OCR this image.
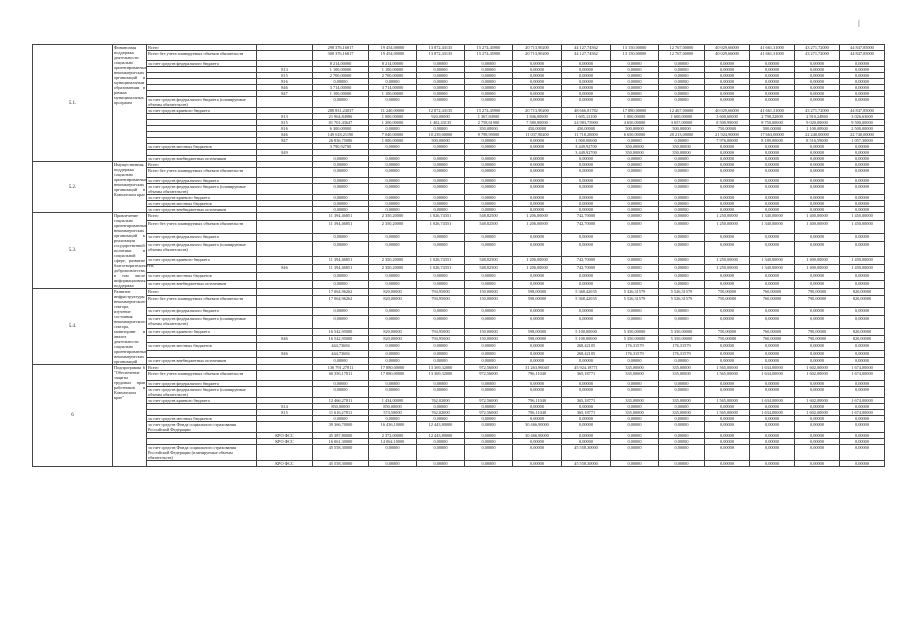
ĺ
5.1.	Финансовая поддержка деятельности социально ориентированных некоммерческих организаций и муниципальным образованиям в рамках муниципальных программ	Всего		298 376,16817	19 454,00000	13 872,43135	15 274,45900	20 713,90200	44 127,74562	13 150,00000	12 767,00000	40 029,66000	41 661,31000	43 271,72000	44 847,85000
		Всего без учета планируемых объемов обязательств		308 376,16817	19 454,00000	13 872,43135	15 274,45900	20 713,90200	44 127,74562	13 150,00000	12 767,00000	40 029,66000	41 661,31000	43 271,72000	44 847,85000
		за счет средств федерального бюджета		8 214,00000	8 214,00000	0,00000	0,00000	0,00000	0,00000	0,00000	0,00000	0,00000	0,00000	0,00000	0,00000
			813	1 100,00000	1 100,00000	0,00000	0,00000	0,00000	0,00000	0,00000	0,00000	0,00000	0,00000	0,00000	0,00000
			815	2 700,00000	2 700,00000	0,00000	0,00000	0,00000	0,00000	0,00000	0,00000	0,00000	0,00000	0,00000	0,00000
			816	0,00000	0,00000	0,00000	0,00000	0,00000	0,00000	0,00000	0,00000	0,00000	0,00000	0,00000	0,00000
			846	3 714,00000	3 714,00000	0,00000	0,00000	0,00000	0,00000	0,00000	0,00000	0,00000	0,00000	0,00000	0,00000
			847	1 100,00000	1 100,00000	0,00000	0,00000	0,00000	0,00000	0,00000	0,00000	0,00000	0,00000	0,00000	0,00000
		за счет средств федерального бюджета (планируемые объемы обязательств)		0,00000	0,00000	0,00000	0,00000	0,00000	0,00000	0,00000	0,00000	0,00000	0,00000	0,00000	0,00000
		за счет средств краевого бюджета		288 831,24037	11 240,00000	12 872,43135	15 274,45900	20 713,90200	48 666,81782	17 880,00000	12 467,00000	40 029,66000	41 661,31000	43 271,72000	44 847,85000
			813	21 964,84986	1 000,00000	920,00000	1 367,84900	1 846,00000	1 605,12100	1 000,00000	1 600,00000	3 600,60000	2 798,22809	2 910,24860	3 026,63000
			815	81 701,43647	1 200,00000	1 402,43135	2 758,61900	7 580,90000	24 983,75900	4 650,00000	3 657,00000	8 500,99000	8 750,00000	9 020,00000	9 500,00000
			816	6 300,00000	0,00000	0,00000	350,00000	450,00000	450,00000	500,00000	500,00000	750,00000	500,00000	1 100,00000	2 500,00000
			846	149 618,21190	7 040,00000	10 239,00000	9 798,99000	11 037,90200	11 718,20000	6 650,00000	20 213,00000	21 924,90000	17 663,00000	22 240,00000	22 740,00000
			847	26 836,75086	1 000,00000	500,00000	0,00000	0,00000	1 900,00000	0,00000	0,00000	7 976,00000	8 189,00000	8 516,59000	1 057,30000
		за счет средств местных бюджетов		3 790,92700	0,00000	0,00000	0,00000	0,00000	3 449,92700	350,00000	350,00000	0,00000	0,00000	0,00000	0,00000
			849						3 449,92700	350,00000	350,00000	0,00000	0,00000	0,00000	0,00000
		за счет средств внебюджетных источников		0,00000	0,00000	0,00000	0,00000	0,00000	0,00000	0,00000	0,00000	0,00000	0,00000	0,00000	0,00000
5.2.	Имущественная поддержка социально ориентированных некоммерческих организаций в Камчатском крае	Всего		0,00000	0,00000	0,00000	0,00000	0,00000	0,00000	0,00000	0,00000	0,00000	0,00000	0,00000	0,00000
		Всего без учета планируемых объемов обязательств		0,00000	0,00000	0,00000	0,00000	0,00000	0,00000	0,00000	0,00000	0,00000	0,00000	0,00000	0,00000
		за счет средств федерального бюджета		0,00000	0,00000	0,00000	0,00000	0,00000	0,00000	0,00000	0,00000	0,00000	0,00000	0,00000	0,00000
		за счет средств федерального бюджета (планируемые объемы обязательств)		0,00000	0,00000	0,00000	0,00000	0,00000	0,00000	0,00000	0,00000	0,00000	0,00000	0,00000	0,00000
		за счет средств краевого бюджета		0,00000	0,00000	0,00000	0,00000	0,00000	0,00000	0,00000	0,00000	0,00000	0,00000	0,00000	0,00000
		за счет средств местных бюджетов		0,00000	0,00000	0,00000	0,00000	0,00000	0,00000	0,00000	0,00000	0,00000	0,00000	0,00000	0,00000
		за счет средств внебюджетных источников		0,00000	0,00000	0,00000	0,00000	0,00000	0,00000	0,00000	0,00000	0,00000	0,00000	0,00000	0,00000
5.3.	Привлечение социально ориентированных некоммерческих организаций к реализации государственной политики в социальной сфере, развитие благотворительности, добровольчества, в том числе информационная поддержка	Всего		11 394,46851	2 350,20000	1 026,74351	548,82500	1 206,00000	742,70000	0,00000	0,00000	1 250,00000	1 340,00000	1 400,00000	1 450,00000
		Всего без учета планируемых объемов обязательств		11 394,46851	2 350,20000	1 026,74351	548,82500	1 206,00000	742,70000	0,00000	0,00000	1 250,00000	1 340,00000	1 400,00000	1 450,00000
		за счет средств федерального бюджета		0,00000	0,00000	0,00000	0,00000	0,00000	0,00000	0,00000	0,00000	0,00000	0,00000	0,00000	0,00000
		за счет средств федерального бюджета (планируемые объемы обязательств)		0,00000	0,00000	0,00000	0,00000	0,00000	0,00000	0,00000	0,00000	0,00000	0,00000	0,00000	0,00000
		за счет средств краевого бюджета		11 394,46851	2 350,20000	1 026,74351	548,82500	1 206,00000	742,70000	0,00000	0,00000	1 250,00000	1 340,00000	1 400,00000	1 450,00000
			846	11 394,46851	2 350,20000	1 026,74351	548,82500	1 206,00000	742,70000	0,00000	0,00000	1 250,00000	1 340,00000	1 400,00000	1 450,00000
		за счет средств местных бюджетов		0,00000	0,00000	0,00000	0,00000	0,00000	0,00000	0,00000	0,00000	0,00000	0,00000	0,00000	0,00000
		за счет средств внебюджетных источников		0,00000	0,00000	0,00000	0,00000	0,00000	0,00000	0,00000	0,00000	0,00000	0,00000	0,00000	0,00000
5.4.	Развитие инфраструктуры некоммерческого сектора, изучение состояния некоммерческого сектора, мониторинг и анализ деятельности социально ориентированных некоммерческих организаций	Всего		17 064,96262	820,00000	794,95000	150,00000	598,00000	5 368,42035	5 326,31579	5 526,31579	750,00000	760,00000	790,00000	820,00000
		Всего без учета планируемых объемов обязательств		17 064,96262	820,00000	794,95000	150,00000	598,00000	5 368,42035	5 526,31579	5 526,31579	750,00000	760,00000	790,00000	820,00000
		за счет средств федерального бюджета		0,00000	0,00000	0,00000	0,00000	0,00000	0,00000	0,00000	0,00000	0,00000	0,00000	0,00000	0,00000
		за счет средств федерального бюджета (планируемые объемы обязательств)		0,00000	0,00000	0,00000	0,00000	0,00000	0,00000	0,00000	0,00000	0,00000	0,00000	0,00000	0,00000
		за счет средств краевого бюджета		16 542,95000	820,00000	794,95000	150,00000	598,00000	5 100,00000	5 350,00000	5 350,00000	750,00000	760,00000	790,00000	820,00000
			846	16 542,95000	820,00000	794,95000	150,00000	598,00000	5 100,00000	5 350,00000	5 350,00000	750,00000	760,00000	790,00000	820,00000
		за счет средств местных бюджетов		444,73684	0,00000	0,00000	0,00000	0,00000	268,42105	176,31579	176,31579	0,00000	0,00000	0,00000	0,00000
			846	444,73684	0,00000	0,00000	0,00000	0,00000	268,42105	176,31579	176,31579	0,00000	0,00000	0,00000	0,00000
		за счет средств внебюджетных источников		0,00000	0,00000	0,00000	0,00000	0,00000	0,00000	0,00000	0,00000	0,00000	0,00000	0,00000	0,00000
6	Подпрограмма 6 "Обеспечение защиты трудовых прав работников в Камчатском крае"	Всего		136 791,27811	17 880,00000	13 369,32000	972,56000	31 263,96040	45 924,18771	335,00000	335,00000	1 565,00000	1 634,00000	1 602,00000	1 674,00000
		Всего без учета планируемых объемов обязательств		60 356,17811	17 880,00000	13 369,32000	972,56000	796,11040	365,18771	335,00000	335,00000	1 565,00000	1 634,00000	1 602,00000	1 674,00000
		за счет средств федерального бюджета		0,00000	0,00000	0,00000	0,00000	0,00000	0,00000	0,00000	0,00000	0,00000	0,00000	0,00000	0,00000
		за счет средств федерального бюджета (планируемые объемы обязательств)		0,00000	0,00000	0,00000	0,00000	0,00000	0,00000	0,00000	0,00000	0,00000	0,00000	0,00000	0,00000
		за счет средств краевого бюджета		12 466,27811	1 434,00000	762,02000	972,56000	796,11040	365,18771	335,00000	335,00000	1 565,00000	1 634,00000	1 602,00000	1 674,00000
			814	850,00000	850,00000	0,00000	0,00000	0,00000	0,00000	0,00000	0,00000	0,00000	0,00000	0,00000	0,00000
			815	11 616,27811	574,50000	762,02000	972,56000	796,11040	365,18771	335,00000	335,00000	1 565,00000	1 634,00000	1 602,00000	1 674,00000
		за счет средств местных бюджетов		0,00000	0,00000	0,00000	0,00000	0,00000	0,00000	0,00000	0,00000	0,00000	0,00000	0,00000	0,00000
		за счет средств Фонда социального страхования Российской Федерации		39 366,70000	16 436,10000	12 443,80000	0,00000	30 466,90000	0,00000	0,00000	0,00000	0,00000	0,00000	0,00000	0,00000
			КРО ФСС	45 387,80000	2 372,00000	12 443,80000	0,00000	30 466,90000	0,00000	0,00000	0,00000	0,00000	0,00000	0,00000	0,00000
			КРО ФСС	16 061,30000	14 064,10000	0,00000	0,00000	0,00000	0,00000	0,00000	0,00000	0,00000	0,00000	0,00000	0,00000
		за счет средств Фонда социального страхования Российской Федерации (планируемые объемы обязательств)		45 558,30000	0,00000	0,00000	0,00000	0,00000	45 558,30000	0,00000	0,00000	0,00000	0,00000	0,00000	0,00000
			КРО ФСС	45 558,30000	0,00000	0,00000	0,00000	0,00000	45 558,30000	0,00000	0,00000	0,00000	0,00000	0,00000	0,00000
